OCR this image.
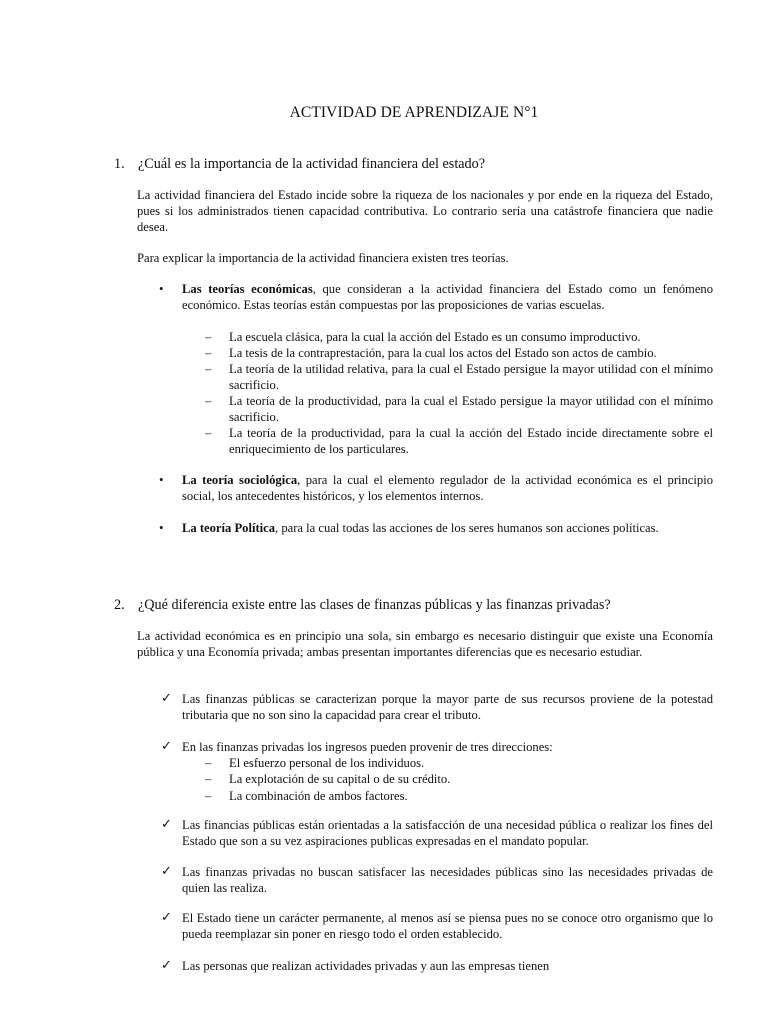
ACTIVIDAD DE APRENDIZAJE N°1
1. ¿Cuál es la importancia de la actividad financiera del estado?
La actividad financiera del Estado incide sobre la riqueza de los nacionales y por ende en la riqueza del Estado, pues si los administrados tienen capacidad contributiva. Lo contrario sería una catástrofe financiera que nadie desea.
Para explicar la importancia de la actividad financiera existen tres teorías.
• Las teorías económicas, que consideran a la actividad financiera del Estado como un fenómeno económico. Estas teorías están compuestas por las proposiciones de varias escuelas.
– La escuela clásica, para la cual la acción del Estado es un consumo improductivo.
– La tesis de la contraprestación, para la cual los actos del Estado son actos de cambio.
– La teoría de la utilidad relativa, para la cual el Estado persigue la mayor utilidad con el mínimo sacrificio.
– La teoría de la productividad, para la cual el Estado persigue la mayor utilidad con el mínimo sacrificio.
– La teoría de la productividad, para la cual la acción del Estado incide directamente sobre el enriquecimiento de los particulares.
• La teoría sociológica, para la cual el elemento regulador de la actividad económica es el principio social, los antecedentes históricos, y los elementos internos.
• La teoría Política, para la cual todas las acciones de los seres humanos son acciones políticas.
2. ¿Qué diferencia existe entre las clases de finanzas públicas y las finanzas privadas?
La actividad económica es en principio una sola, sin embargo es necesario distinguir que existe una Economía pública y una Economía privada; ambas presentan importantes diferencias que es necesario estudiar.
✓ Las finanzas públicas se caracterizan porque la mayor parte de sus recursos proviene de la potestad tributaria que no son sino la capacidad para crear el tributo.
✓ En las finanzas privadas los ingresos pueden provenir de tres direcciones:
– El esfuerzo personal de los individuos.
– La explotación de su capital o de su crédito.
– La combinación de ambos factores.
✓ Las financias públicas están orientadas a la satisfacción de una necesidad pública o realizar los fines del Estado que son a su vez aspiraciones publicas expresadas en el mandato popular.
✓ Las finanzas privadas no buscan satisfacer las necesidades públicas sino las necesidades privadas de quien las realiza.
✓ El Estado tiene un carácter permanente, al menos así se piensa pues no se conoce otro organismo que lo pueda reemplazar sin poner en riesgo todo el orden establecido.
✓ Las personas que realizan actividades privadas y aun las empresas tienen
